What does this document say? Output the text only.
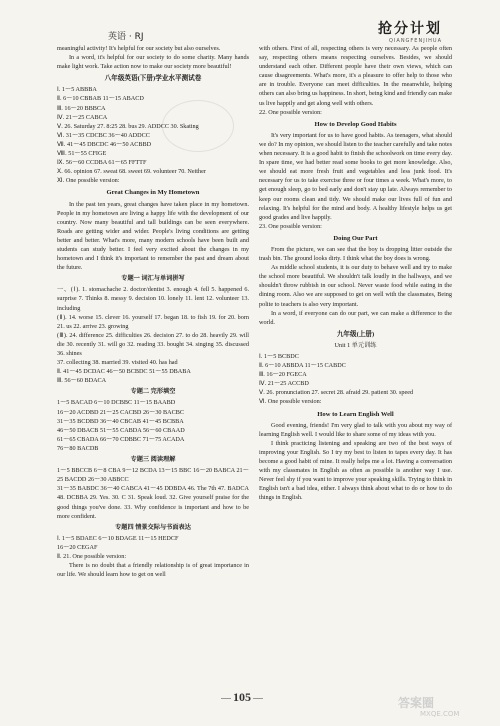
英语 · RJ	抢分计划
QIANGFENJIHUA

meaningful activity! It's helpful for our society but also ourselves.

In a word, it's helpful for our society to do some charity. Many hands make light work. Take action now to make our society more beautiful!

八年级英语(下册)学业水平测试卷

Ⅰ. 1～5 ABBBA

Ⅱ. 6～10 CBBAB 11～15 ABACD

Ⅲ. 16～20 BBBCA

Ⅳ. 21～25 CABCA

Ⅴ. 26. Saturday 27. 8:25 28. bus 29. ADDCC 30. Skating

Ⅵ. 31～35 CDCBC 36～40 ADDCC

Ⅶ. 41～45 DBCDC 46～50 ACBBD

Ⅷ. 51～55 CFIGE

Ⅸ. 56～60 CCDBA 61～65 FFTTF

Ⅹ. 66. opinion 67. sweat 68. sweet 69. volunteer 70. Neither

Ⅺ. One possible version:

Great Changes in My Hometown

In the past ten years, great changes have taken place in my hometown. People in my hometown are living a happy life with the development of our country. Now many beautiful and tall buildings can be seen everywhere. Roads are getting wider and wider. People's living conditions are getting better and better. What's more, many modern schools have been built and students can study better. I feel very excited about the changes in my hometown and I think it's important to remember the past and dream about the future.

专题一 词汇与单词拼写

一、(Ⅰ). 1. stomachache 2. doctor/dentist 3. enough 4. fell 5. happened 6. surprise 7. Thinks 8. messy 9. decision 10. lonely 11. lent 12. volunteer 13. including

(Ⅱ). 14. worse 15. clever 16. yourself 17. began 18. to fish 19. for 20. born 21. us 22. arrive 23. growing

(Ⅲ). 24. difference 25. difficulties 26. decision 27. to do 28. heavily 29. will die 30. recently 31. will go 32. reading 33. bought 34. singing 35. discussed 36. shines

37. collecting 38. married 39. visited 40. has had

Ⅱ. 41～45 DCDAC 46～50 BCBDC 51～55 DBABA

Ⅲ. 56～60 BDACA

专题二 完形填空

1～5 BACAD 6～10 DCBBC 11～15 BAABD

16～20 ACDBD 21～25 CACBD 26～30 BACBC

31～35 BCDBD 36～40 CBCAB 41～45 BCBBA

46～50 DBACB 51～55 CABDA 56～60 CBAAD

61～65 CBADA 66～70 CDBBC 71～75 ACADA

76～80 BACDB

专题三 阅读理解

1～5 BBCCB 6～8 CBA 9～12 BCDA 13～15 BBC 16～20 BABCA 21～25 BACDD 26～30 ABBCC

31～35 BABDC 36～40 CABCA 41～45 DDBDA 46. The 7th 47. BADCA 48. DCBBA 29. Yes. 30. C 31. Speak loud. 32. Give yourself praise for the good things you've done. 33. Why confidence is important and how to be more confident.

专题四 情景交际与书面表达

Ⅰ. 1～5 BDAEC 6～10 BDAGE 11～15 HEDCF

16～20 CEGAF

Ⅱ. 21. One possible version:

There is no doubt that a friendly relationship is of great importance in our life. We should learn how to get on well

with others. First of all, respecting others is very necessary. As people often say, respecting others means respecting ourselves. Besides, we should understand each other. Different people have their own views, which can cause disagreements. What's more, it's a pleasure to offer help to those who are in trouble. Everyone can meet difficulties. In the meanwhile, helping others can also bring us happiness. In short, being kind and friendly can make us live happily and get along well with others.

22. One possible version:

How to Develop Good Habits

It's very important for us to have good habits. As teenagers, what should we do? In my opinion, we should listen to the teacher carefully and take notes when necessary. It is a good habit to finish the schoolwork on time every day. In spare time, we had better read some books to get more knowledge. Also, we should eat more fresh fruit and vegetables and less junk food. It's necessary for us to take exercise three or four times a week. What's more, to get enough sleep, go to bed early and don't stay up late. Always remember to keep our rooms clean and tidy. We should make our lives full of fun and relaxing. It's helpful for the mind and body. A healthy lifestyle helps us get good grades and live happily.

23. One possible version:

Doing Our Part

From the picture, we can see that the boy is dropping litter outside the trash bin. The ground looks dirty. I think what the boy does is wrong.

As middle school students, it is our duty to behave well and try to make the school more beautiful. We shouldn't talk loudly in the hallways, and we shouldn't throw rubbish in our school. Never waste food while eating in the dining room. Also we are supposed to get on well with the classmates, Being polite to teachers is also very important.

In a word, if everyone can do our part, we can make a difference to the world.

九年级(上册)
Unit 1 单元训练

Ⅰ. 1～5 BCBDC

Ⅱ. 6～10 ABBDA 11～15 CABDC

Ⅲ. 16～20 FGECA

Ⅳ. 21～25 ACCBD

Ⅴ. 26. pronunciation 27. secret 28. afraid 29. patient 30. speed

Ⅵ. One possible version:

How to Learn English Well

Good evening, friends! I'm very glad to talk with you about my way of learning English well. I would like to share some of my ideas with you.

I think practicing listening and speaking are two of the best ways of improving your English. So I try my best to listen to tapes every day. It has become a good habit of mine. It really helps me a lot. Having a conversation with my classmates in English as often as possible is another way I use. Never feel shy if you want to improve your speaking skills. Trying to think in English isn't a bad idea, either. I always think about what to do or how to do things in English.

105	答案圈
MXQE.COM
